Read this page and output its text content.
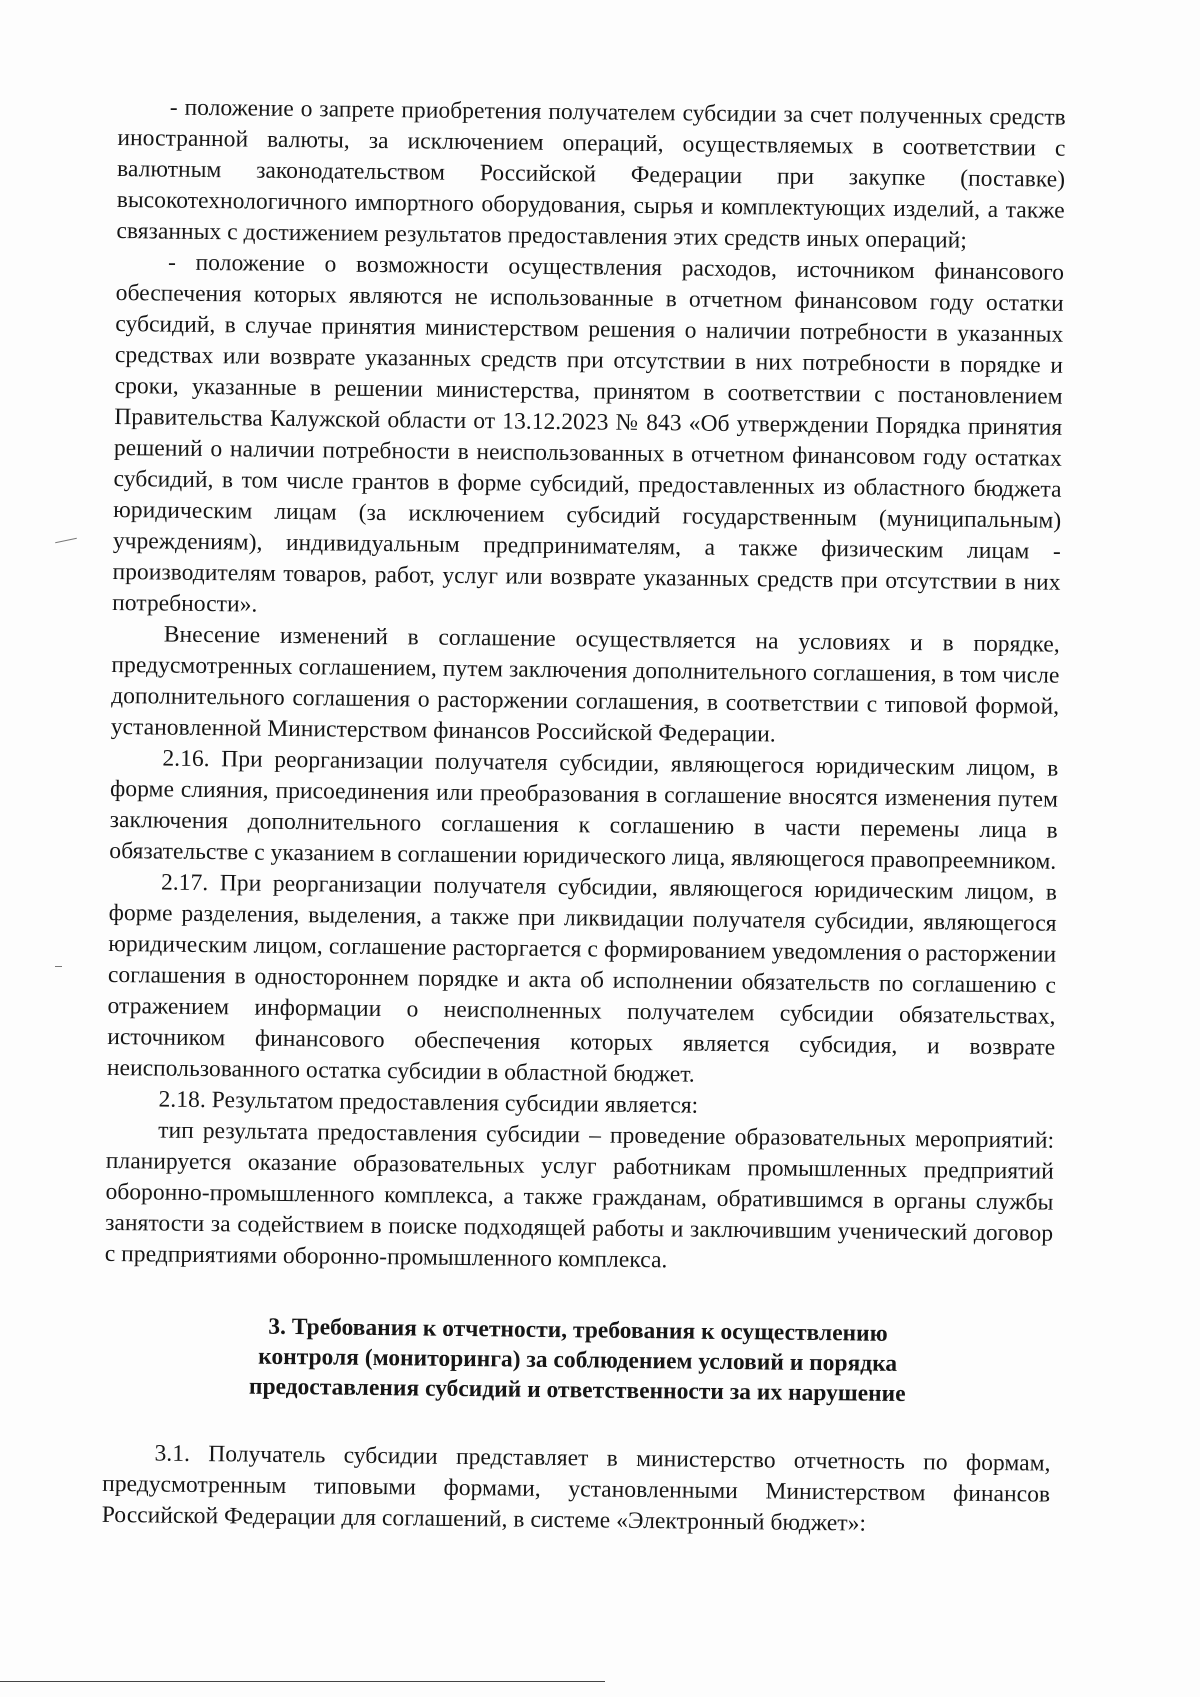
- положение о запрете приобретения получателем субсидии за счет полученных средств иностранной валюты, за исключением операций, осуществляемых в соответствии с валютным законодательством Российской Федерации при закупке (поставке) высокотехнологичного импортного оборудования, сырья и комплектующих изделий, а также связанных с достижением результатов предоставления этих средств иных операций;

- положение о возможности осуществления расходов, источником финансового обеспечения которых являются не использованные в отчетном финансовом году остатки субсидий, в случае принятия министерством решения о наличии потребности в указанных средствах или возврате указанных средств при отсутствии в них потребности в порядке и сроки, указанные в решении министерства, принятом в соответствии с постановлением Правительства Калужской области от 13.12.2023 № 843 «Об утверждении Порядка принятия решений о наличии потребности в неиспользованных в отчетном финансовом году остатках субсидий, в том числе грантов в форме субсидий, предоставленных из областного бюджета юридическим лицам (за исключением субсидий государственным (муниципальным) учреждениям), индивидуальным предпринимателям, а также физическим лицам - производителям товаров, работ, услуг или возврате указанных средств при отсутствии в них потребности».

Внесение изменений в соглашение осуществляется на условиях и в порядке, предусмотренных соглашением, путем заключения дополнительного соглашения, в том числе дополнительного соглашения о расторжении соглашения, в соответствии с типовой формой, установленной Министерством финансов Российской Федерации.

2.16. При реорганизации получателя субсидии, являющегося юридическим лицом, в форме слияния, присоединения или преобразования в соглашение вносятся изменения путем заключения дополнительного соглашения к соглашению в части перемены лица в обязательстве с указанием в соглашении юридического лица, являющегося правопреемником.

2.17. При реорганизации получателя субсидии, являющегося юридическим лицом, в форме разделения, выделения, а также при ликвидации получателя субсидии, являющегося юридическим лицом, соглашение расторгается с формированием уведомления о расторжении соглашения в одностороннем порядке и акта об исполнении обязательств по соглашению с отражением информации о неисполненных получателем субсидии обязательствах, источником финансового обеспечения которых является субсидия, и возврате неиспользованного остатка субсидии в областной бюджет.

2.18. Результатом предоставления субсидии является:

тип результата предоставления субсидии – проведение образовательных мероприятий: планируется оказание образовательных услуг работникам промышленных предприятий оборонно-промышленного комплекса, а также гражданам, обратившимся в органы службы занятости за содействием в поиске подходящей работы и заключившим ученический договор с предприятиями оборонно-промышленного комплекса.

3. Требования к отчетности, требования к осуществлению
контроля (мониторинга) за соблюдением условий и порядка
предоставления субсидий и ответственности за их нарушение

3.1. Получатель субсидии представляет в министерство отчетность по формам, предусмотренным типовыми формами, установленными Министерством финансов Российской Федерации для соглашений, в системе «Электронный бюджет»:
